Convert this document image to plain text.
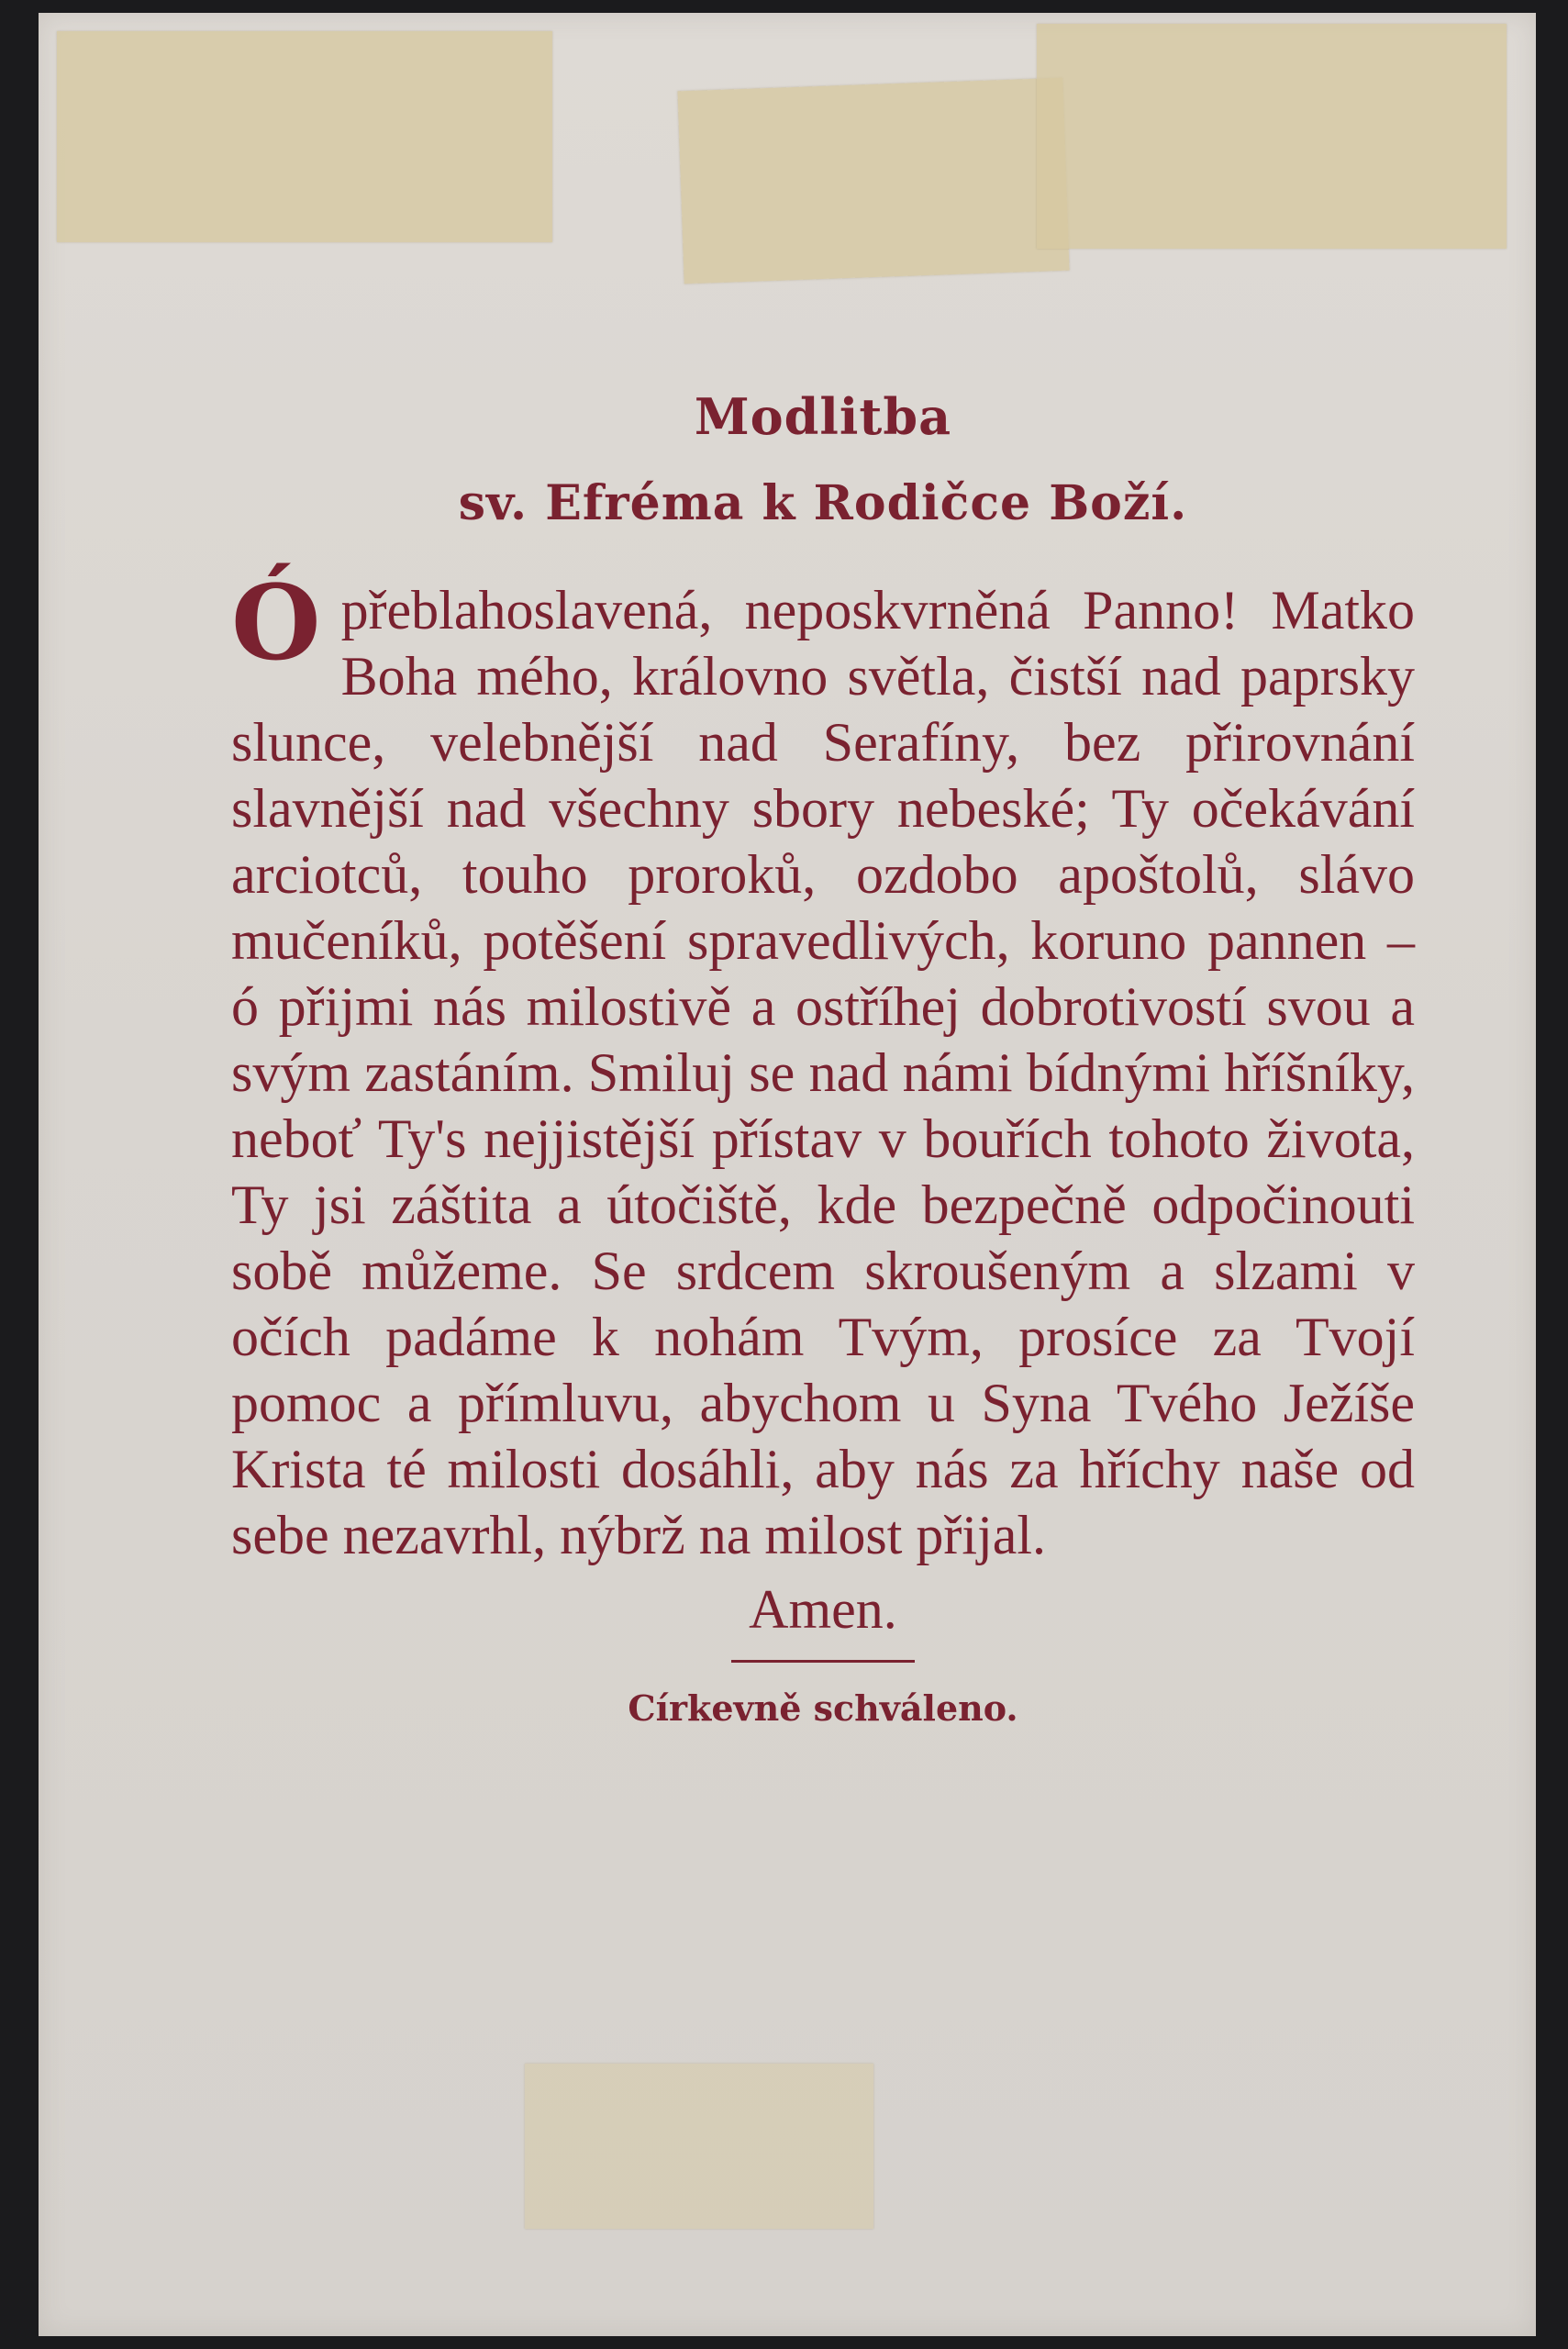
Modlitba
sv. Efréma k Rodičce Boží.
Ó přeblahoslavená, neposkvrněná Panno! Matko Boha mého, královno světla, čistší nad paprsky slunce, velebnější nad Serafíny, bez přirovnání slavnější nad všechny sbory nebeské; Ty očekávání arciotců, touho proroků, ozdobo apoštolů, slávo mučeníků, potěšení spravedlivých, koruno pannen – ó přijmi nás milostivě a ostříhej dobrotivostí svou a svým zastáním. Smiluj se nad námi bídnými hříšníky, neboť Ty's nejjistější přístav v bouřích tohoto života, Ty jsi záštita a útočiště, kde bezpečně odpočinouti sobě můžeme. Se srdcem skroušeným a slzami v očích padáme k nohám Tvým, prosíce za Tvojí pomoc a přímluvu, abychom u Syna Tvého Ježíše Krista té milosti dosáhli, aby nás za hříchy naše od sebe nezavrhl, nýbrž na milost přijal.

Amen.

Církevně schváleno.
